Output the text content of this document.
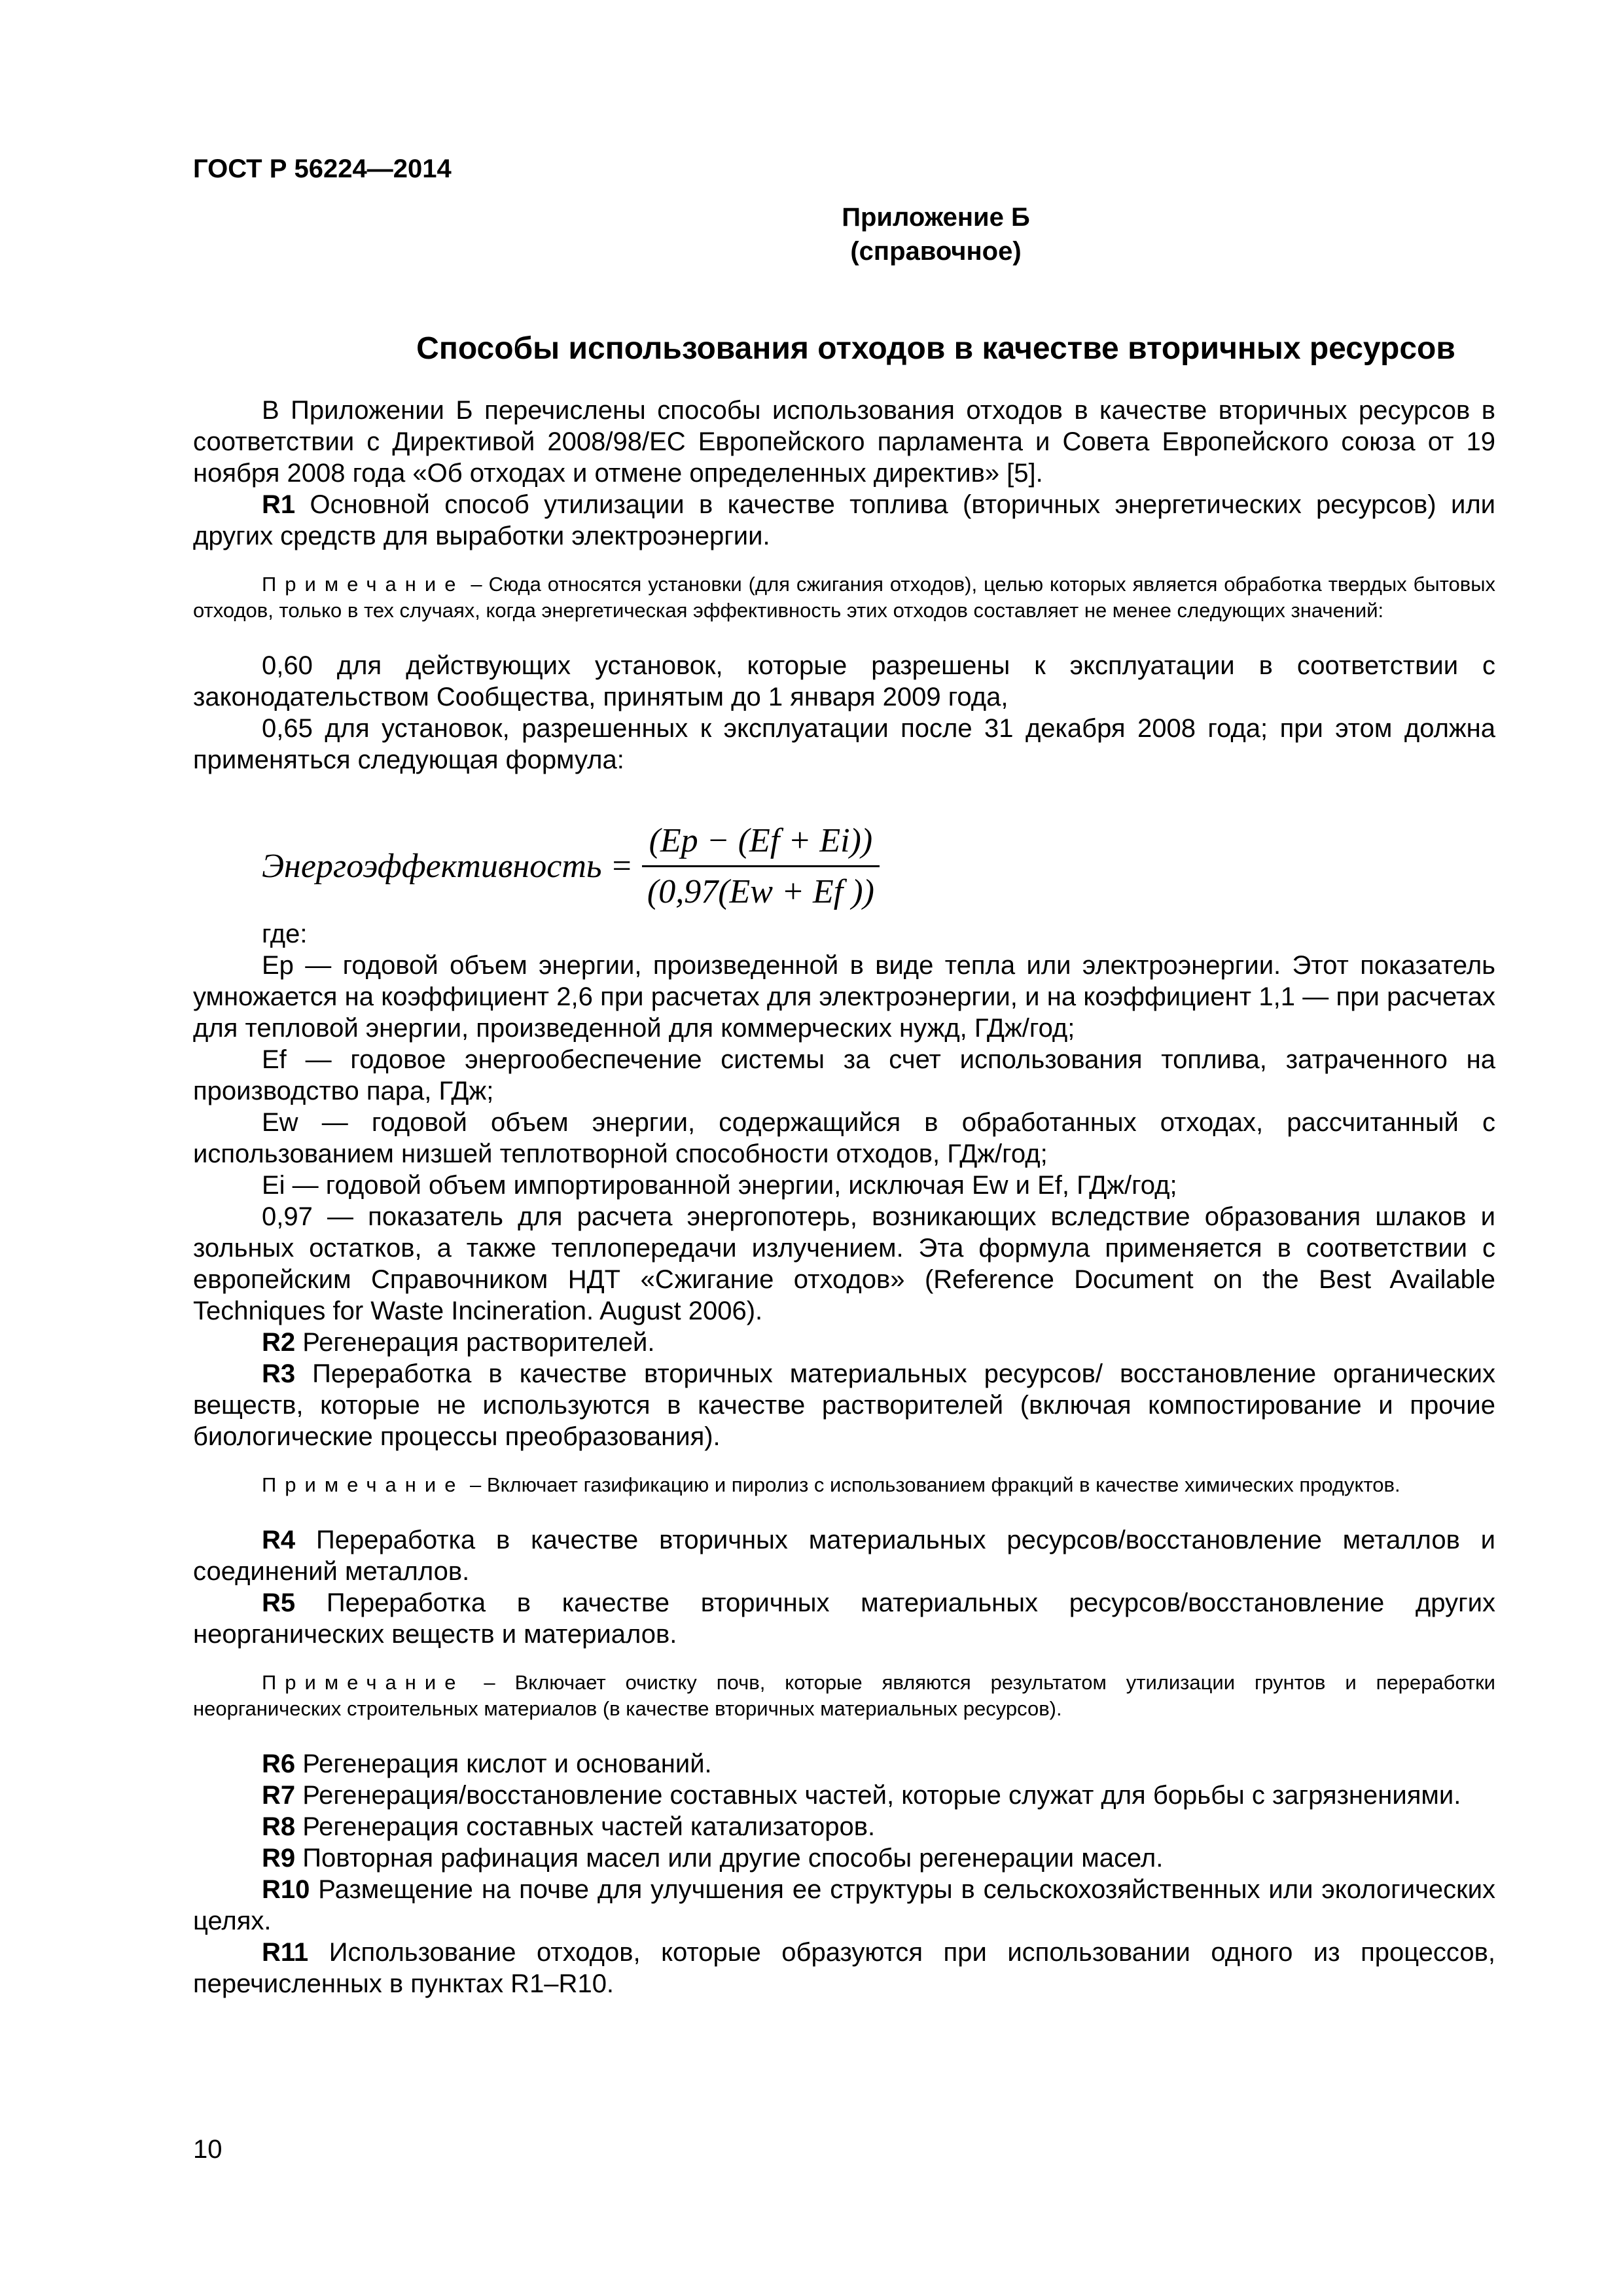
ГОСТ Р 56224—2014
Приложение Б
(справочное)
Способы использования отходов в качестве вторичных ресурсов

В Приложении Б перечислены способы использования отходов в качестве вторичных ресурсов в соответствии с Директивой 2008/98/ЕС Европейского парламента и Совета Европейского союза от 19 ноября 2008 года «Об отходах и отмене определенных директив» [5].

R1 Основной способ утилизации в качестве топлива (вторичных энергетических ресурсов) или других средств для выработки электроэнергии.

Примечание – Сюда относятся установки (для сжигания отходов), целью которых является обработка твердых бытовых отходов, только в тех случаях, когда энергетическая эффективность этих отходов составляет не менее следующих значений:

0,60 для действующих установок, которые разрешены к эксплуатации в соответствии с законодательством Сообщества, принятым до 1 января 2009 года,

0,65 для установок, разрешенных к эксплуатации после 31 декабря 2008 года; при этом должна применяться следующая формула:

Энергоэффективность	=	(Ep − (Ef + Ei))
(0,97(Ew + Ef ))

где:

Ep — годовой объем энергии, произведенной в виде тепла или электроэнергии. Этот показатель умножается на коэффициент 2,6 при расчетах для электроэнергии, и на коэффициент 1,1 — при расчетах для тепловой энергии, произведенной для коммерческих нужд, ГДж/год;

Ef — годовое энергообеспечение системы за счет использования топлива, затраченного на производство пара, ГДж;

Ew — годовой объем энергии, содержащийся в обработанных отходах, рассчитанный с использованием низшей теплотворной способности отходов, ГДж/год;

Ei — годовой объем импортированной энергии, исключая Ew и Ef, ГДж/год;

0,97 — показатель для расчета энергопотерь, возникающих вследствие образования шлаков и зольных остатков, а также теплопередачи излучением. Эта формула применяется в соответствии с европейским Справочником НДТ «Сжигание отходов» (Reference Document on the Best Available Techniques for Waste Incineration. August 2006).

R2 Регенерация растворителей.

R3 Переработка в качестве вторичных материальных ресурсов/ восстановление органических веществ, которые не используются в качестве растворителей (включая компостирование и прочие биологические процессы преобразования).

Примечание – Включает газификацию и пиролиз с использованием фракций в качестве химических продуктов.

R4 Переработка в качестве вторичных материальных ресурсов/восстановление металлов и соединений металлов.

R5 Переработка в качестве вторичных материальных ресурсов/восстановление других неорганических веществ и материалов.

Примечание – Включает очистку почв, которые являются результатом утилизации грунтов и переработки неорганических строительных материалов (в качестве вторичных материальных ресурсов).

R6 Регенерация кислот и оснований.

R7 Регенерация/восстановление составных частей, которые служат для борьбы с загрязнениями.

R8 Регенерация составных частей катализаторов.

R9 Повторная рафинация масел или другие способы регенерации масел.

R10 Размещение на почве для улучшения ее структуры в сельскохозяйственных или экологических целях.

R11 Использование отходов, которые образуются при использовании одного из процессов, перечисленных в пунктах R1–R10.

10
